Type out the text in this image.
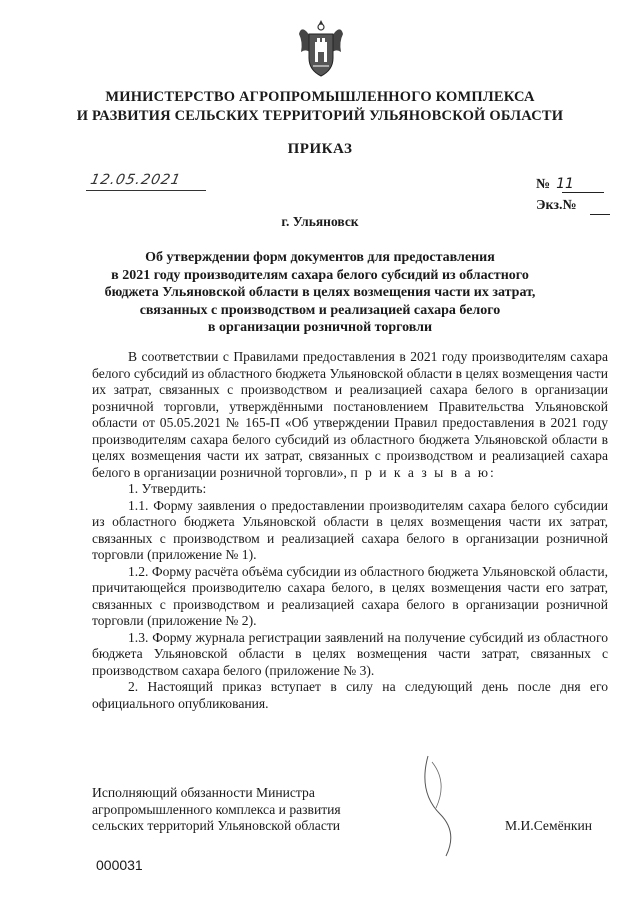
МИНИСТЕРСТВО АГРОПРОМЫШЛЕННОГО КОМПЛЕКСА
И РАЗВИТИЯ СЕЛЬСКИХ ТЕРРИТОРИЙ УЛЬЯНОВСКОЙ ОБЛАСТИ
ПРИКАЗ
12.05.2021	№ 11
Экз.№
г. Ульяновск
Об утверждении форм документов для предоставления
в 2021 году производителям сахара белого субсидий из областного
бюджета Ульяновской области в целях возмещения части их затрат,
связанных с производством и реализацией сахара белого
в организации розничной торговли

В соответствии с Правилами предоставления в 2021 году производителям сахара белого субсидий из областного бюджета Ульяновской области в целях возмещения части их затрат, связанных с производством и реализацией сахара белого в организации розничной торговли, утверждёнными постановлением Правительства Ульяновской области от 05.05.2021 № 165-П «Об утверждении Правил предоставления в 2021 году производителям сахара белого субсидий из областного бюджета Ульяновской области в целях возмещения части их затрат, связанных с производством и реализацией сахара белого в организации розничной торговли», п р и к а з ы в а ю:

1. Утвердить:

1.1. Форму заявления о предоставлении производителям сахара белого субсидии из областного бюджета Ульяновской области в целях возмещения части их затрат, связанных с производством и реализацией сахара белого в организации розничной торговли (приложение № 1).

1.2. Форму расчёта объёма субсидии из областного бюджета Ульяновской области, причитающейся производителю сахара белого, в целях возмещения части его затрат, связанных с производством и реализацией сахара белого в организации розничной торговли (приложение № 2).

1.3. Форму журнала регистрации заявлений на получение субсидий из областного бюджета Ульяновской области в целях возмещения части затрат, связанных с производством сахара белого (приложение № 3).

2. Настоящий приказ вступает в силу на следующий день после дня его официального опубликования.

Исполняющий обязанности Министра
агропромышленного комплекса и развития
сельских территорий Ульяновской области	М.И.Семёнкин
000031
